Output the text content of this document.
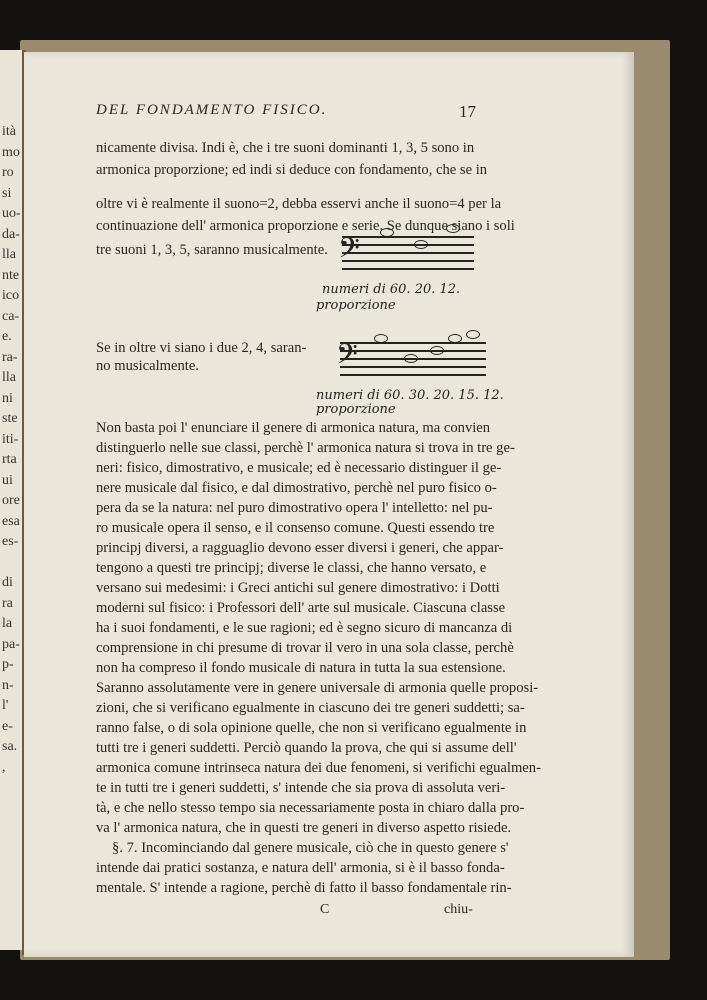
ità
mo
ro
si
uo-
da-
lla
nte
ico
ca-
e.
ra-
lla
ni
ste
iti-
rta
ui
ore
esa
es-
di
ra
la
pa-
p-
n-
l'
e-
sa.
,
DEL FONDAMENTO FISICO.	17
nicamente divisa. Indi è, che i tre suoni dominanti 1, 3, 5 sono in
armonica proporzione; ed indi si deduce con fondamento, che se in
oltre vi è realmente il suono=2, debba esservi anche il suono=4 per la
continuazione dell' armonica proporzione e serie. Se dunque siano i soli
tre suoni 1, 3, 5, saranno musicalmente. 𝄢
numeri di 60. 20. 12.
proporzione
Se in oltre vi siano i due 2, 4, saran-
no musicalmente.	𝄢
numeri di 60. 30. 20. 15. 12.
proporzione
Non basta poi l' enunciare il genere di armonica natura, ma convien
distinguerlo nelle sue classi, perchè l' armonica natura si trova in tre ge-
neri: fisico, dimostrativo, e musicale; ed è necessario distinguer il ge-
nere musicale dal fisico, e dal dimostrativo, perchè nel puro fisico o-
pera da se la natura: nel puro dimostrativo opera l' intelletto: nel pu-
ro musicale opera il senso, e il consenso comune. Questi essendo tre
principj diversi, a ragguaglio devono esser diversi i generi, che appar-
tengono a questi tre principj; diverse le classi, che hanno versato, e
versano sui medesimi: i Greci antichi sul genere dimostrativo: i Dotti
moderni sul fisico: i Professori dell' arte sul musicale. Ciascuna classe
ha i suoi fondamenti, e le sue ragioni; ed è segno sicuro di mancanza di
comprensione in chi presume di trovar il vero in una sola classe, perchè
non ha compreso il fondo musicale di natura in tutta la sua estensione.
Saranno assolutamente vere in genere universale di armonia quelle proposi-
zioni, che si verificano egualmente in ciascuno dei tre generi suddetti; sa-
ranno false, o di sola opinione quelle, che non si verificano egualmente in
tutti tre i generi suddetti. Perciò quando la prova, che qui si assume dell'
armonica comune intrinseca natura dei due fenomeni, si verifichi egualmen-
te in tutti tre i generi suddetti, s' intende che sia prova di assoluta veri-
tà, e che nello stesso tempo sia necessariamente posta in chiaro dalla pro-
va l' armonica natura, che in questi tre generi in diverso aspetto risiede.
§. 7. Incominciando dal genere musicale, ciò che in questo genere s'
intende dai pratici sostanza, e natura dell' armonia, si è il basso fonda-
mentale. S' intende a ragione, perchè di fatto il basso fondamentale rin-
C	chiu-
